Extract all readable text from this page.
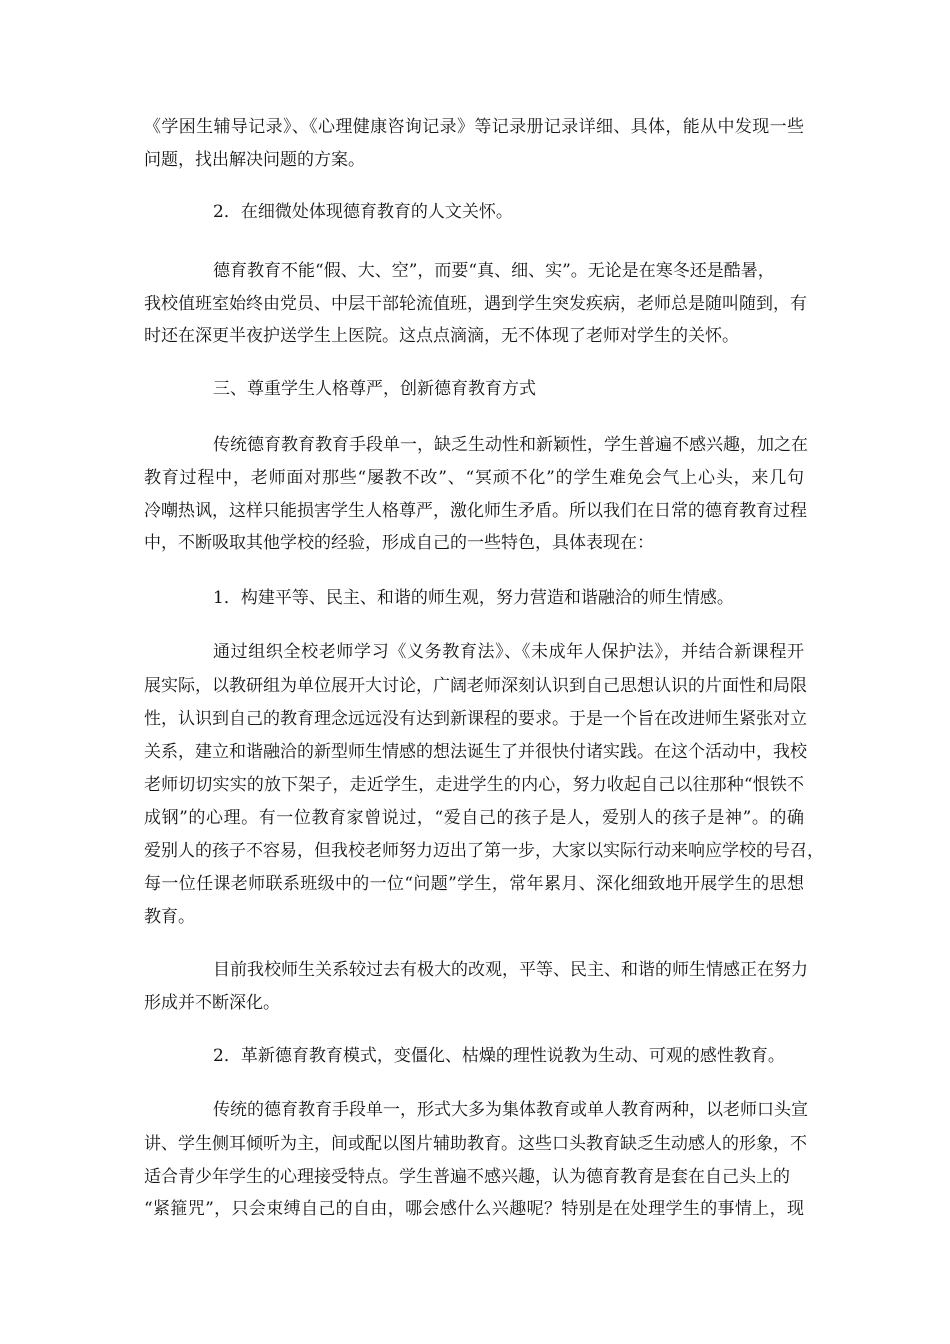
《学困生辅导记录》、《心理健康咨询记录》等记录册记录详细、具体，能从中发现一些
问题，找出解决问题的方案。
2．在细微处体现德育教育的人文关怀。
德育教育不能“假、大、空”，而要“真、细、实”。无论是在寒冬还是酷暑，
我校值班室始终由党员、中层干部轮流值班，遇到学生突发疾病，老师总是随叫随到，有
时还在深更半夜护送学生上医院。这点点滴滴，无不体现了老师对学生的关怀。
三、尊重学生人格尊严，创新德育教育方式
传统德育教育教育手段单一，缺乏生动性和新颖性，学生普遍不感兴趣，加之在
教育过程中，老师面对那些“屡教不改”、“冥顽不化”的学生难免会气上心头，来几句
冷嘲热讽，这样只能损害学生人格尊严，激化师生矛盾。所以我们在日常的德育教育过程
中，不断吸取其他学校的经验，形成自己的一些特色，具体表现在：
1．构建平等、民主、和谐的师生观，努力营造和谐融洽的师生情感。
通过组织全校老师学习《义务教育法》、《未成年人保护法》，并结合新课程开
展实际，以教研组为单位展开大讨论，广阔老师深刻认识到自己思想认识的片面性和局限
性，认识到自己的教育理念远远没有达到新课程的要求。于是一个旨在改进师生紧张对立
关系，建立和谐融洽的新型师生情感的想法诞生了并很快付诸实践。在这个活动中，我校
老师切切实实的放下架子，走近学生，走进学生的内心，努力收起自己以往那种“恨铁不
成钢”的心理。有一位教育家曾说过，“爱自己的孩子是人，爱别人的孩子是神”。的确
爱别人的孩子不容易，但我校老师努力迈出了第一步，大家以实际行动来响应学校的号召，
每一位任课老师联系班级中的一位“问题”学生，常年累月、深化细致地开展学生的思想
教育。
目前我校师生关系较过去有极大的改观，平等、民主、和谐的师生情感正在努力
形成并不断深化。
2．革新德育教育模式，变僵化、枯燥的理性说教为生动、可观的感性教育。
传统的德育教育手段单一，形式大多为集体教育或单人教育两种，以老师口头宣
讲、学生侧耳倾听为主，间或配以图片辅助教育。这些口头教育缺乏生动感人的形象，不
适合青少年学生的心理接受特点。学生普遍不感兴趣，认为德育教育是套在自己头上的
“紧箍咒”，只会束缚自己的自由，哪会感什么兴趣呢？特别是在处理学生的事情上，现
